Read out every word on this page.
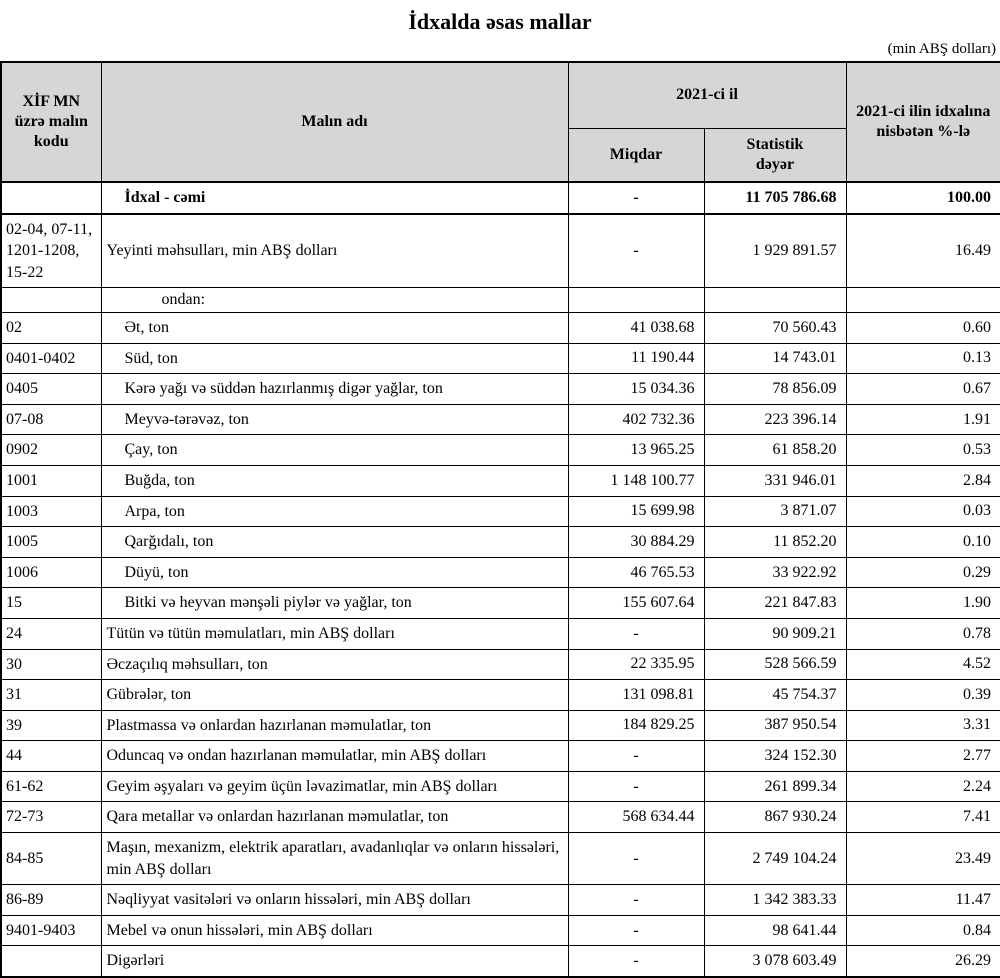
İdxalda əsas mallar
(min ABŞ dolları)
XİF MN üzrə malın kodu	Malın adı	2021-ci il		2021-ci ilin idxalına nisbətən %-lə
		Miqdar	Statistik dəyər	
	İdxal - cəmi	-	11 705 786.68	100.00
02-04, 07-11, 1201-1208, 15-22	Yeyinti məhsulları, min ABŞ dolları	-	1 929 891.57	16.49
	ondan:			
02	Ət, ton	41 038.68	70 560.43	0.60
0401-0402	Süd, ton	11 190.44	14 743.01	0.13
0405	Kərə yağı və süddən hazırlanmış digər yağlar, ton	15 034.36	78 856.09	0.67
07-08	Meyvə-tərəvəz, ton	402 732.36	223 396.14	1.91
0902	Çay, ton	13 965.25	61 858.20	0.53
1001	Buğda, ton	1 148 100.77	331 946.01	2.84
1003	Arpa, ton	15 699.98	3 871.07	0.03
1005	Qarğıdalı, ton	30 884.29	11 852.20	0.10
1006	Düyü, ton	46 765.53	33 922.92	0.29
15	Bitki və heyvan mənşəli piylər və yağlar, ton	155 607.64	221 847.83	1.90
24	Tütün və tütün məmulatları, min ABŞ dolları	-	90 909.21	0.78
30	Əczaçılıq məhsulları, ton	22 335.95	528 566.59	4.52
31	Gübrələr, ton	131 098.81	45 754.37	0.39
39	Plastmassa və onlardan hazırlanan məmulatlar, ton	184 829.25	387 950.54	3.31
44	Oduncaq və ondan hazırlanan məmulatlar, min ABŞ dolları	-	324 152.30	2.77
61-62	Geyim əşyaları və geyim üçün ləvazimatlar, min ABŞ dolları	-	261 899.34	2.24
72-73	Qara metallar və onlardan hazırlanan məmulatlar, ton	568 634.44	867 930.24	7.41
84-85	Maşın, mexanizm, elektrik aparatları, avadanlıqlar və onların hissələri, min ABŞ dolları	-	2 749 104.24	23.49
86-89	Nəqliyyat vasitələri və onların hissələri, min ABŞ dolları	-	1 342 383.33	11.47
9401-9403	Mebel və onun hissələri, min ABŞ dolları	-	98 641.44	0.84
	Digərləri	-	3 078 603.49	26.29
